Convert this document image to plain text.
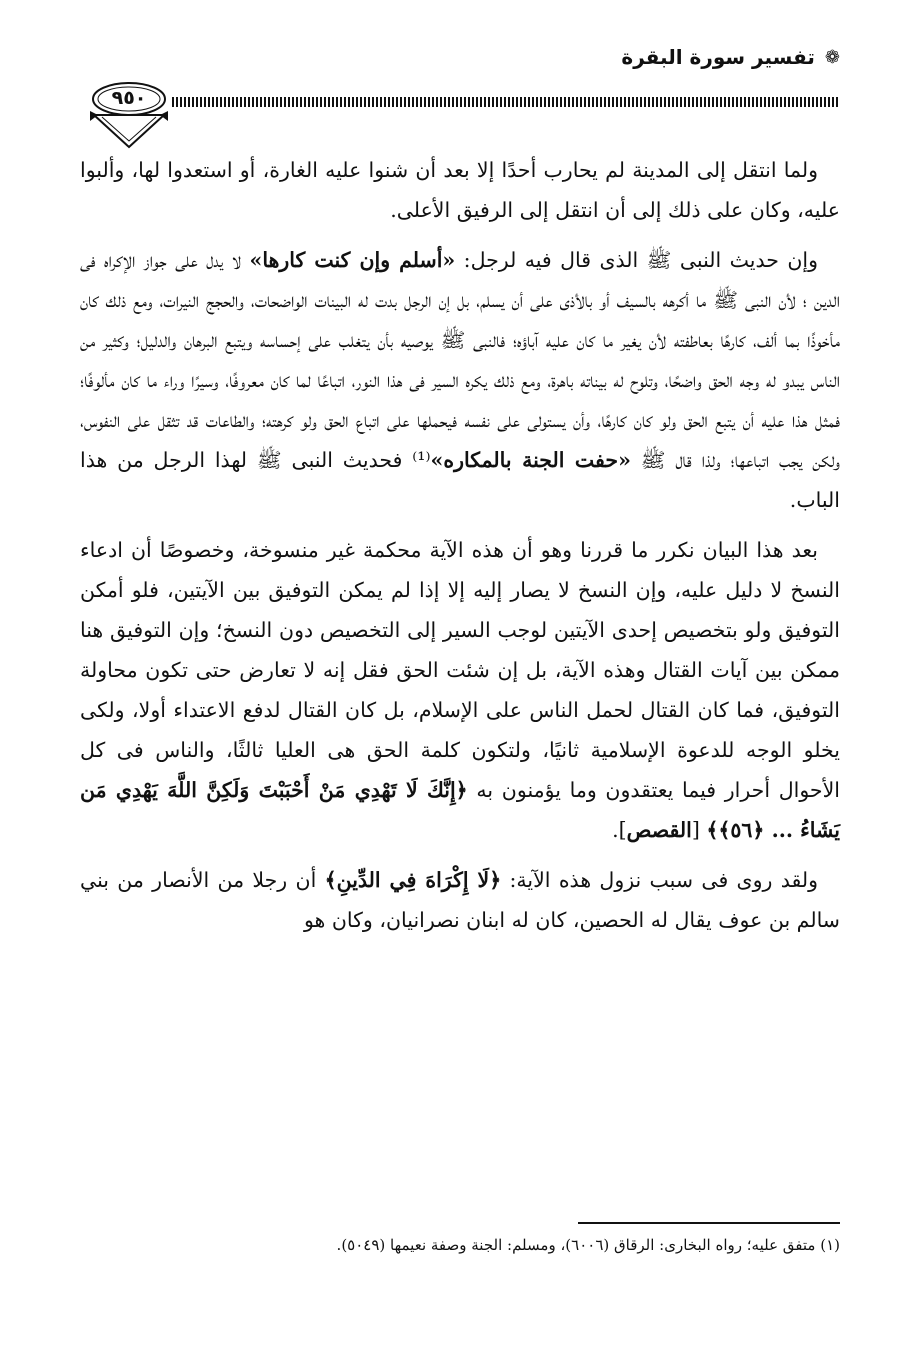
❁
تفسير سورة البقرة
٩٥٠

ولما انتقل إلى المدينة لم يحارب أحدًا إلا بعد أن شنوا عليه الغارة، أو استعدوا لها، وألبوا عليه، وكان على ذلك إلى أن انتقل إلى الرفيق الأعلى.

وإن حديث النبى ﷺ الذى قال فيه لرجل: «أسلم وإن كنت كارها» لا يدل على جواز الإكراه فى الدين ؛ لأن النبى ﷺ ما أكرهه بالسيف أو بالأذى على أن يسلم، بل إن الرجل بدت له البينات الواضحات، والحجج النيرات، ومع ذلك كان مأخوذًا بما ألف، كارهًا بعاطفته لأن يغير ما كان عليه آباؤه؛ فالنبى ﷺ يوصيه بأن يتغلب على إحساسه ويتبع البرهان والدليل؛ وكثير من الناس يبدو له وجه الحق واضحًا، وتلوح له بيناته باهرة، ومع ذلك يكره السير فى هذا النور، اتباعًا لما كان معروفًا، وسيرًا وراء ما كان مألوفًا؛ فمثل هذا عليه أن يتبع الحق ولو كان كارهًا، وأن يستولى على نفسه فيحملها على اتباع الحق ولو كرهته؛ والطاعات قد تثقل على النفوس، ولكن يجب اتباعها؛ ولذا قال ﷺ «حفت الجنة بالمكاره»⁽¹⁾ فحديث النبى ﷺ لهذا الرجل من هذا الباب.

بعد هذا البيان نكرر ما قررنا وهو أن هذه الآية محكمة غير منسوخة، وخصوصًا أن ادعاء النسخ لا دليل عليه، وإن النسخ لا يصار إليه إلا إذا لم يمكن التوفيق بين الآيتين، فلو أمكن التوفيق ولو بتخصيص إحدى الآيتين لوجب السير إلى التخصيص دون النسخ؛ وإن التوفيق هنا ممكن بين آيات القتال وهذه الآية، بل إن شئت الحق فقل إنه لا تعارض حتى تكون محاولة التوفيق، فما كان القتال لحمل الناس على الإسلام، بل كان القتال لدفع الاعتداء أولا، ولكى يخلو الوجه للدعوة الإسلامية ثانيًا، ولتكون كلمة الحق هى العليا ثالثًا، والناس فى كل الأحوال أحرار فيما يعتقدون وما يؤمنون به ﴿إِنَّكَ لَا تَهْدِي مَنْ أَحْبَبْتَ وَلَكِنَّ اللَّهَ يَهْدِي مَن يَشَاءُ ... ﴿٥٦﴾﴾ [القصص].

ولقد روى فى سبب نزول هذه الآية: ﴿لَا إِكْرَاهَ فِي الدِّينِ﴾ أن رجلا من الأنصار من بني سالم بن عوف يقال له الحصين، كان له ابنان نصرانيان، وكان هو

(١) متفق عليه؛ رواه البخارى: الرقاق (٦٠٠٦)، ومسلم: الجنة وصفة نعيمها (٥٠٤٩).
